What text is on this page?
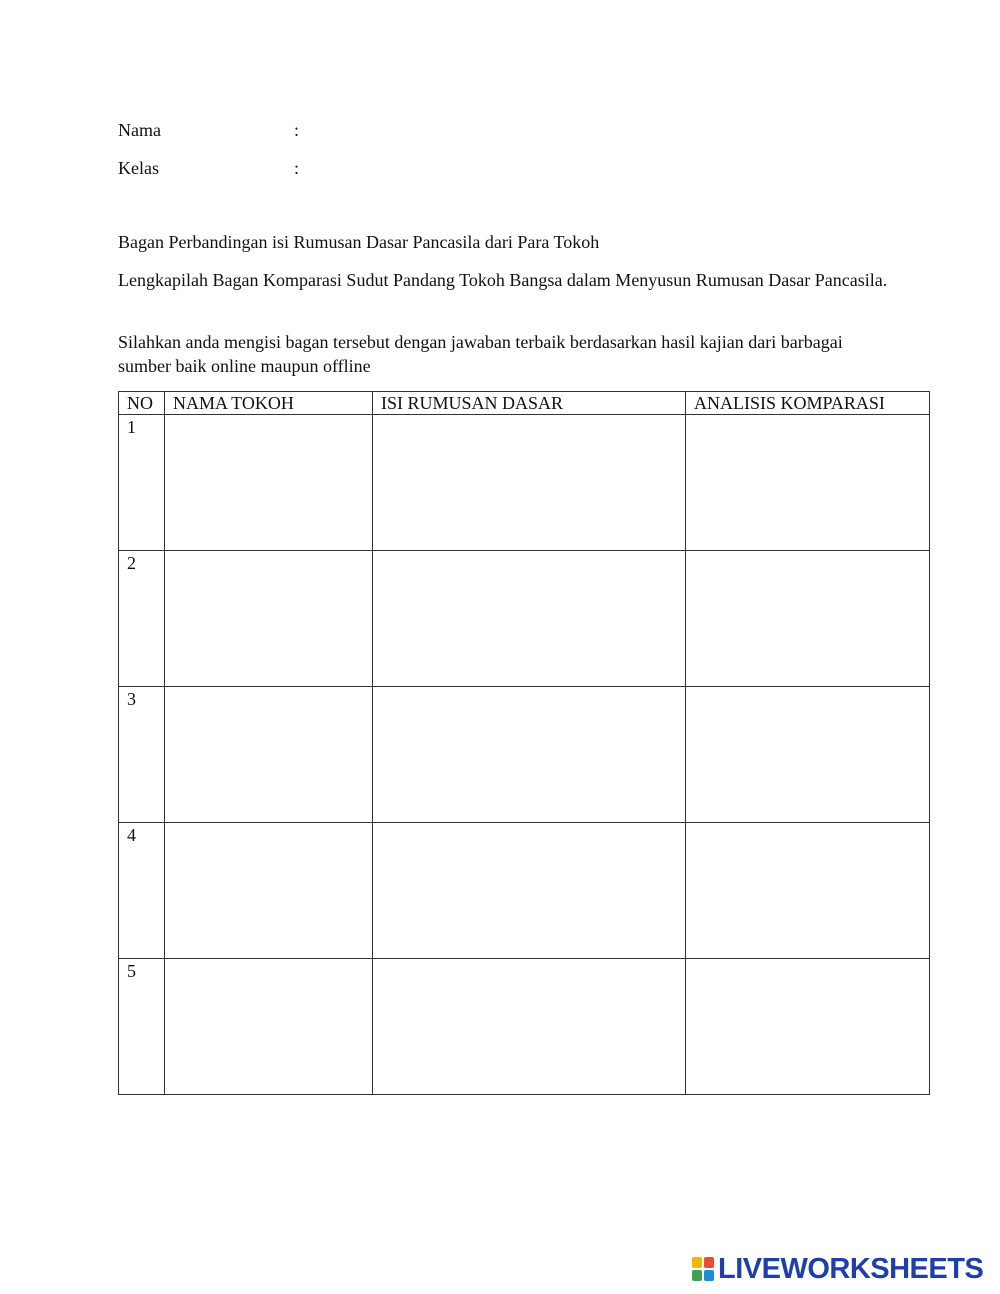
Nama	:
Kelas	:

Bagan Perbandingan isi Rumusan Dasar Pancasila dari Para Tokoh

Lengkapilah Bagan Komparasi Sudut Pandang Tokoh Bangsa dalam Menyusun Rumusan Dasar Pancasila.

Silahkan anda mengisi bagan tersebut dengan jawaban terbaik berdasarkan hasil kajian dari barbagai sumber baik online maupun offline

NO	NAMA TOKOH	ISI RUMUSAN DASAR	ANALISIS KOMPARASI
1			
2			
3			
4			
5			
LIVEWORKSHEETS
